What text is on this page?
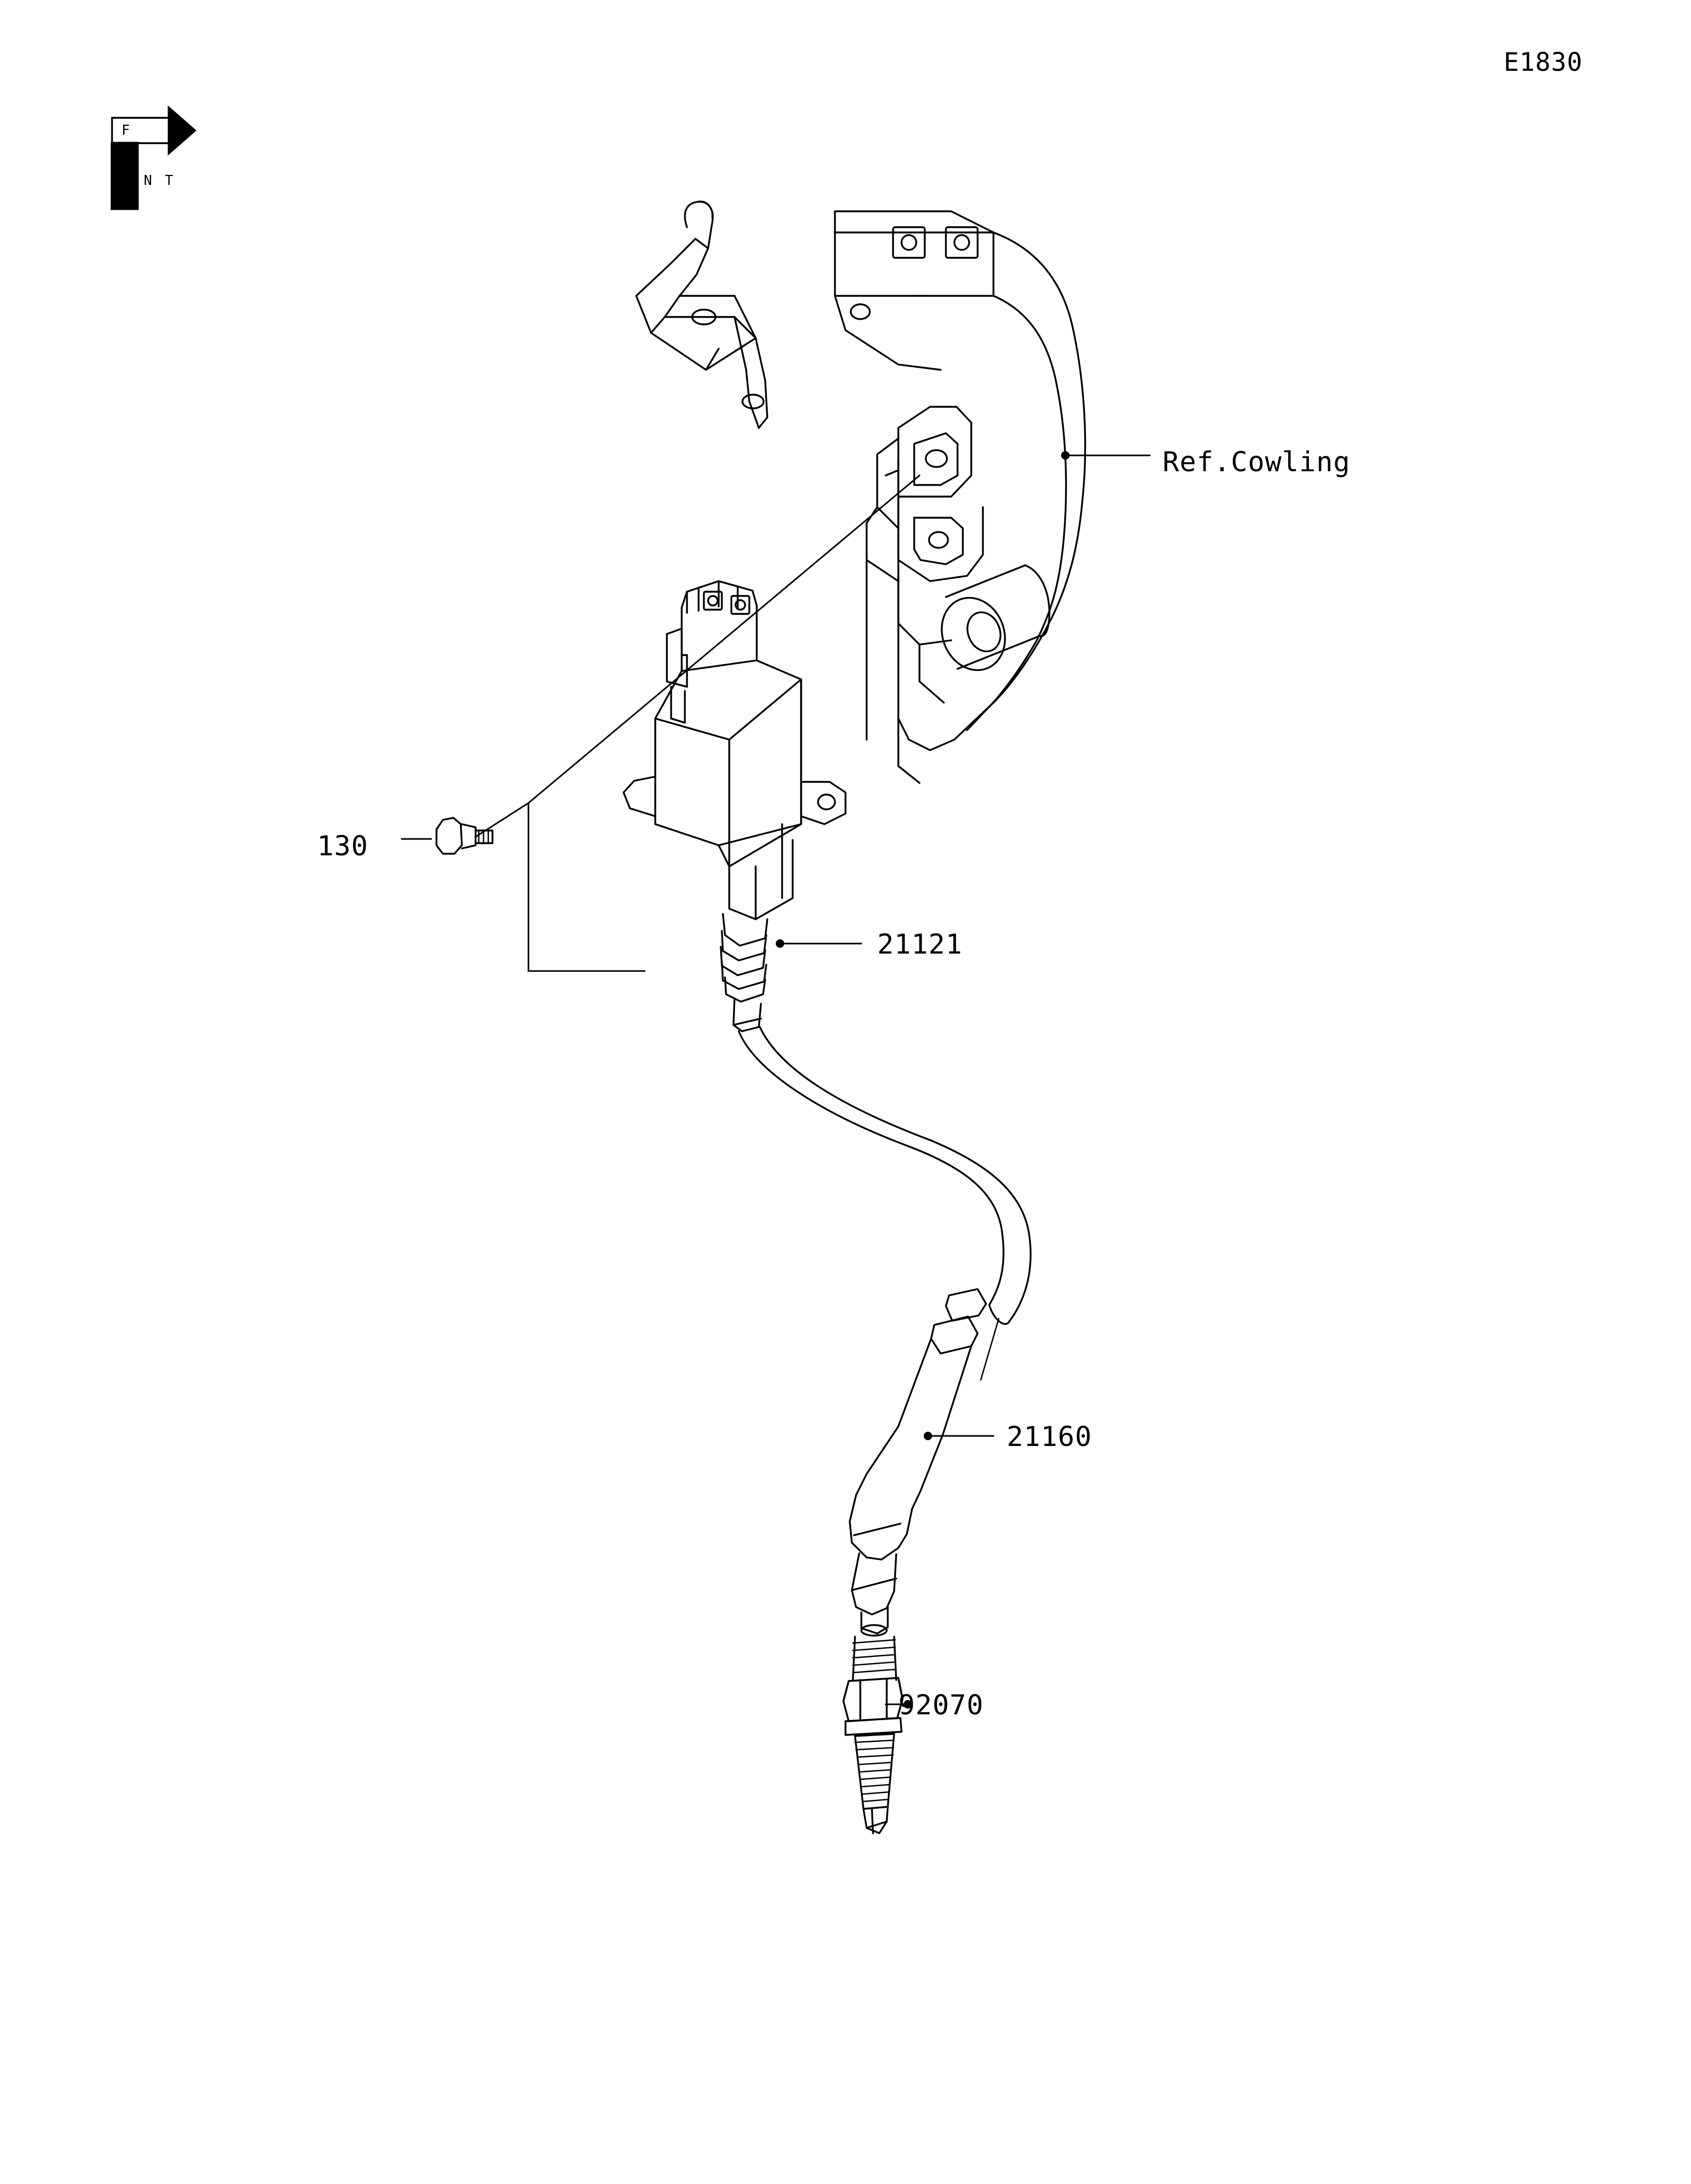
E1830
F
R
O N T
Ref.Cowling
130
21121
21160
92070
